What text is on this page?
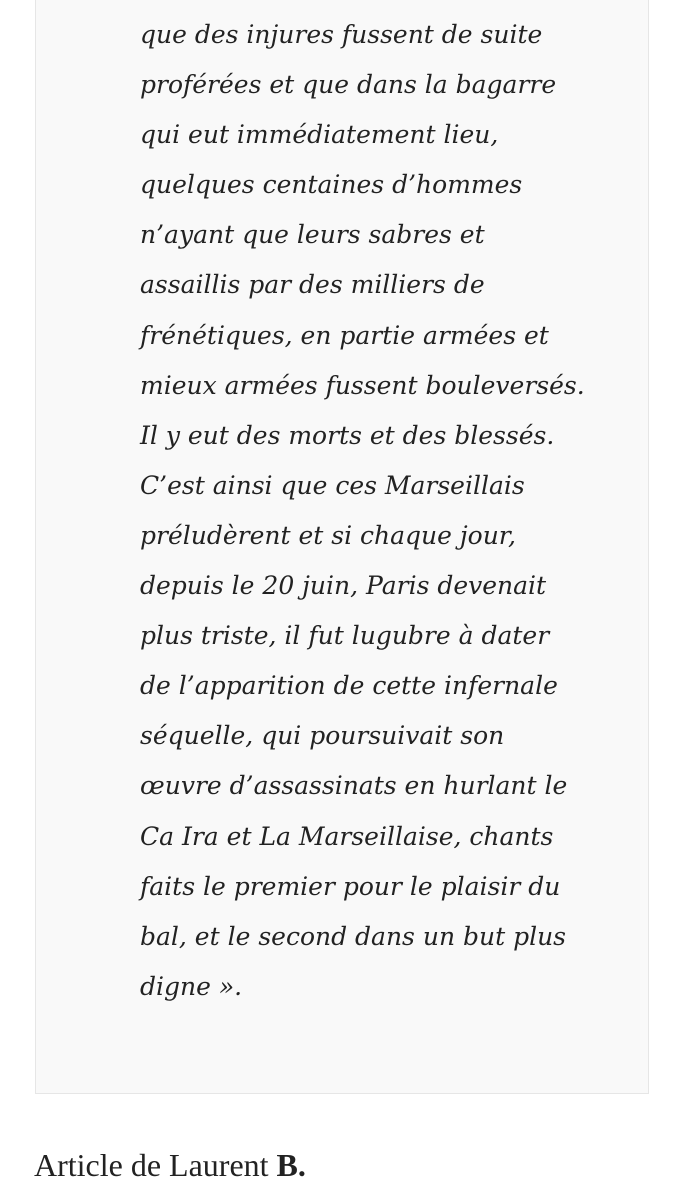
que des injures fussent de suite
proférées et que dans la bagarre
qui eut immédiatement lieu,
quelques centaines d’hommes
n’ayant que leurs sabres et
assaillis par des milliers de
frénétiques, en partie armées et
mieux armées fussent bouleversés.
Il y eut des morts et des blessés.
C’est ainsi que ces Marseillais
préludèrent et si chaque jour,
depuis le 20 juin, Paris devenait
plus triste, il fut lugubre à dater
de l’apparition de cette infernale
séquelle, qui poursuivait son
œuvre d’assassinats en hurlant le
Ca Ira et La Marseillaise, chants
faits le premier pour le plaisir du
bal, et le second dans un but plus
digne ».

Article de Laurent B.
